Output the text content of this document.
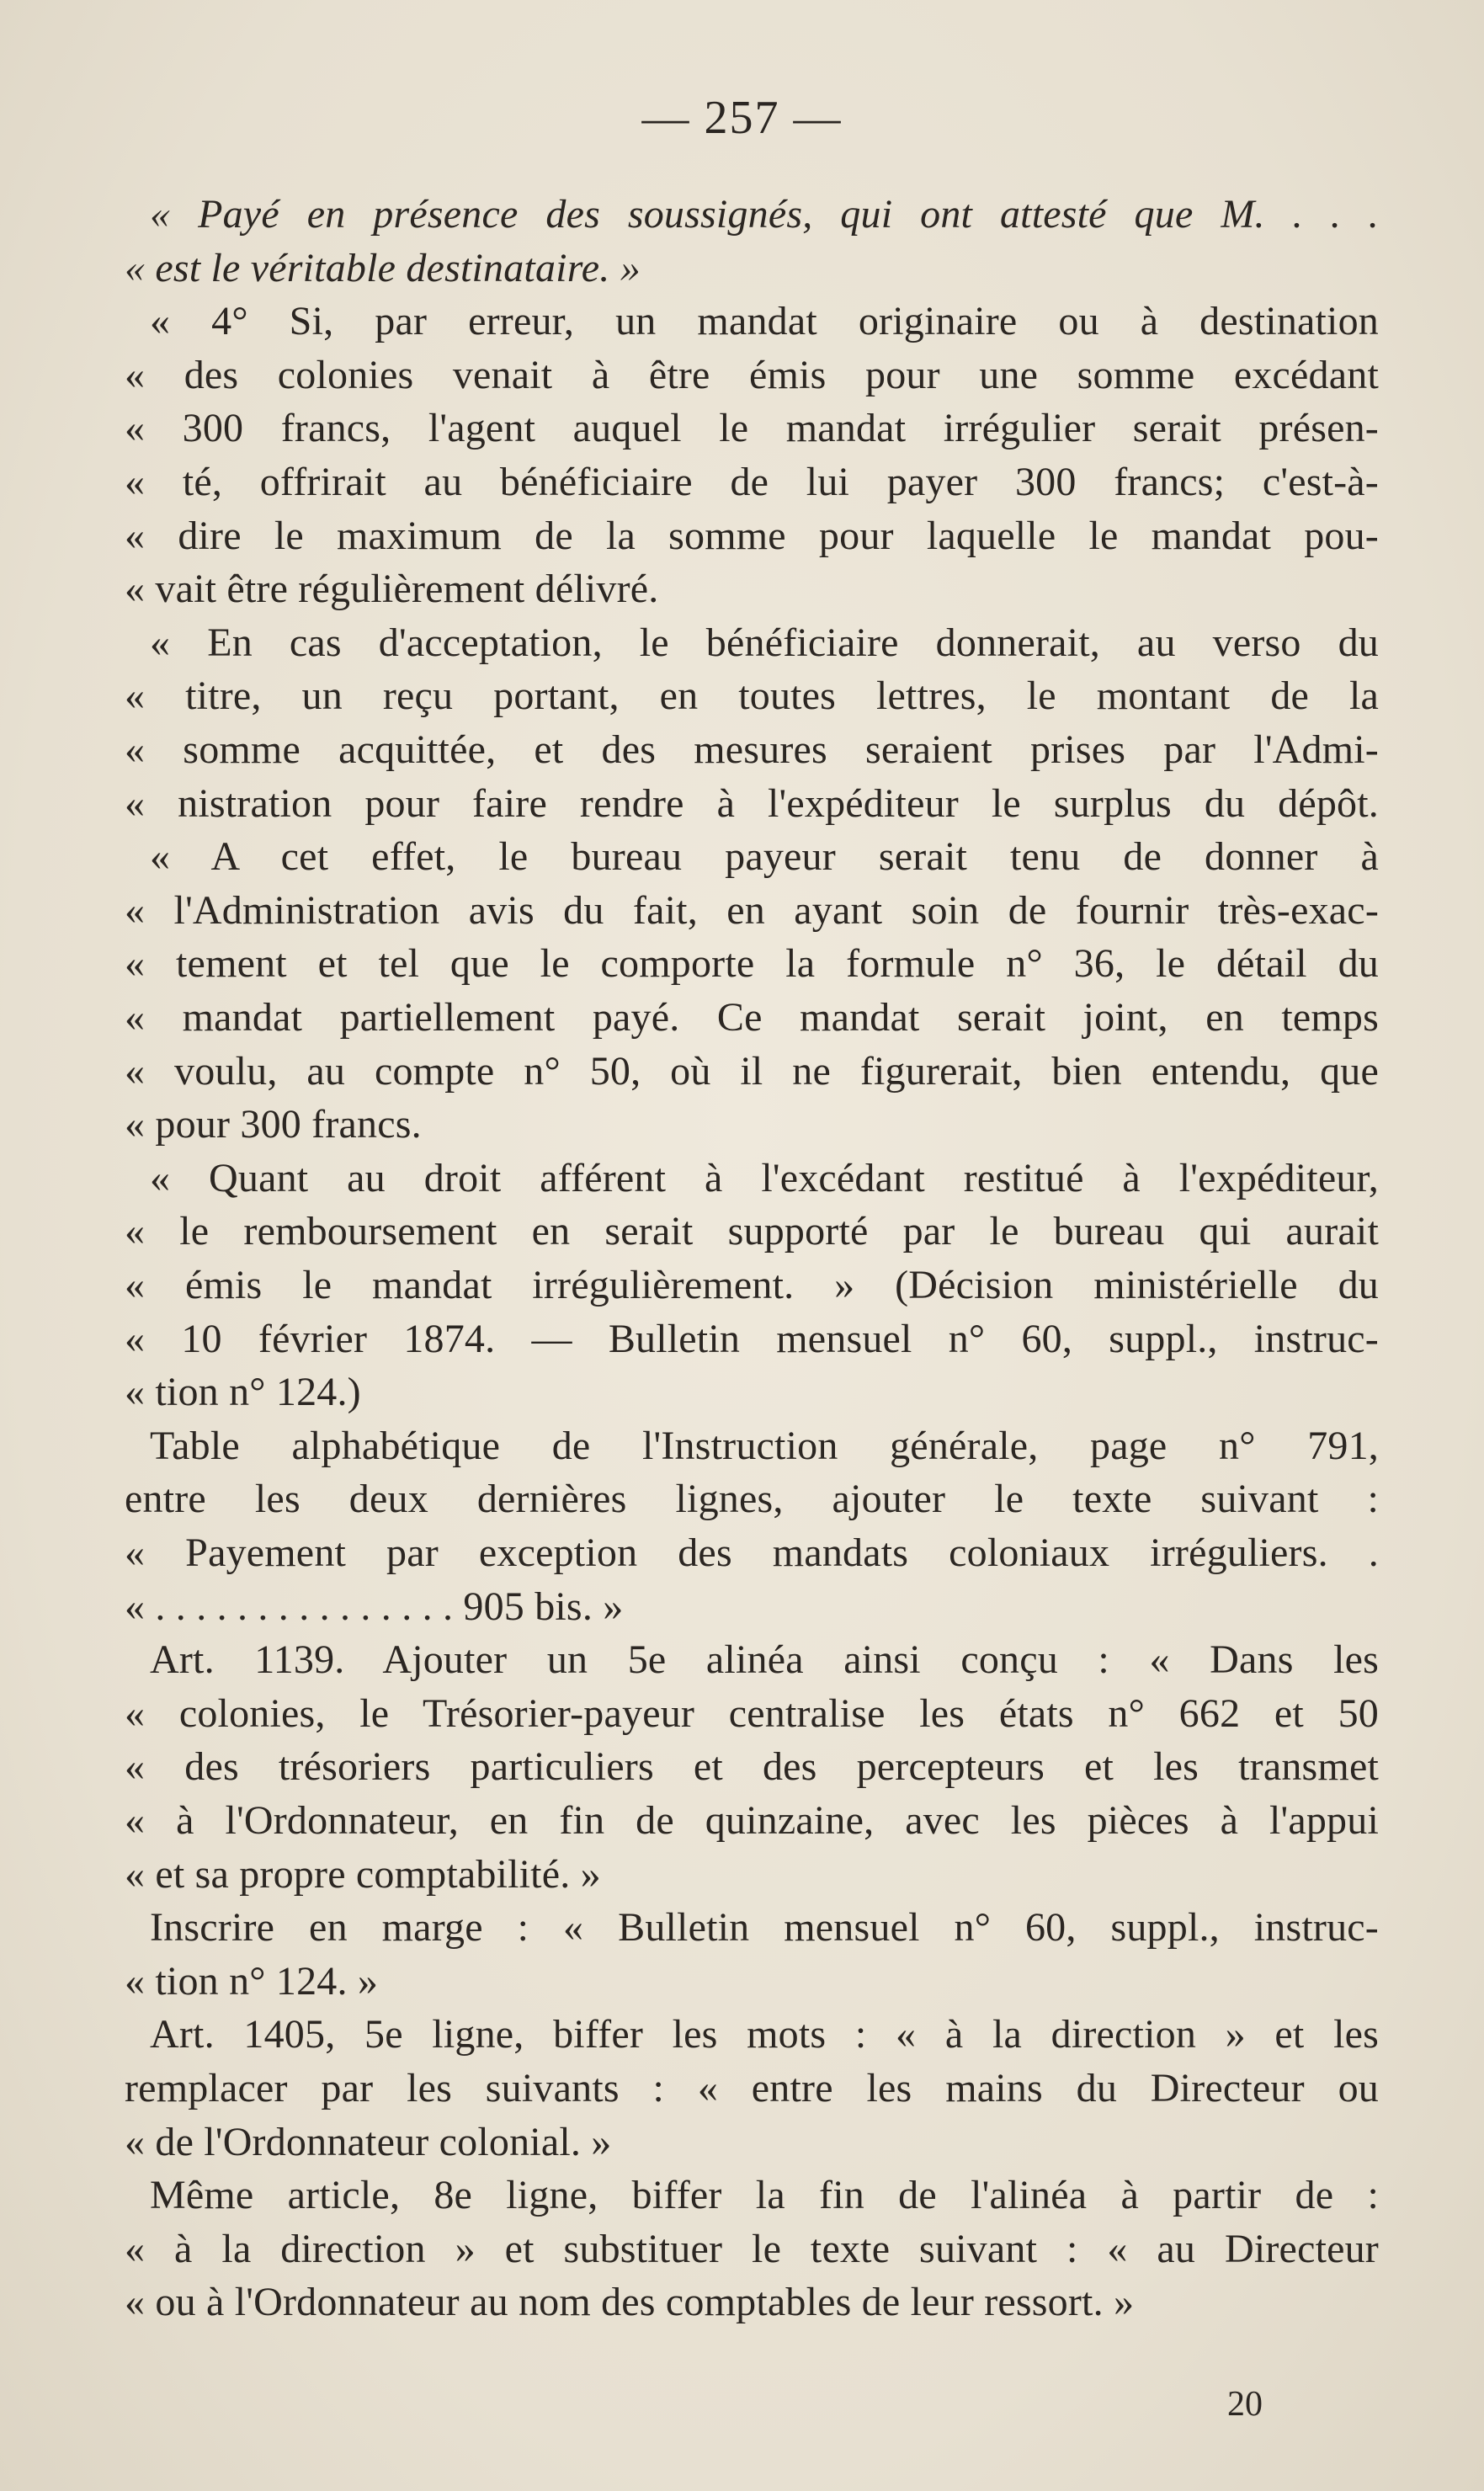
— 257 —
« Payé en présence des soussignés, qui ont attesté que M. . . .
« est le véritable destinataire. »
« 4° Si, par erreur, un mandat originaire ou à destination
« des colonies venait à être émis pour une somme excédant
« 300 francs, l'agent auquel le mandat irrégulier serait présen-
« té, offrirait au bénéficiaire de lui payer 300 francs; c'est-à-
« dire le maximum de la somme pour laquelle le mandat pou-
« vait être régulièrement délivré.
« En cas d'acceptation, le bénéficiaire donnerait, au verso du
« titre, un reçu portant, en toutes lettres, le montant de la
« somme acquittée, et des mesures seraient prises par l'Admi-
« nistration pour faire rendre à l'expéditeur le surplus du dépôt.
« A cet effet, le bureau payeur serait tenu de donner à
« l'Administration avis du fait, en ayant soin de fournir très-exac-
« tement et tel que le comporte la formule n° 36, le détail du
« mandat partiellement payé. Ce mandat serait joint, en temps
« voulu, au compte n° 50, où il ne figurerait, bien entendu, que
« pour 300 francs.
« Quant au droit afférent à l'excédant restitué à l'expéditeur,
« le remboursement en serait supporté par le bureau qui aurait
« émis le mandat irrégulièrement. » (Décision ministérielle du
« 10 février 1874. — Bulletin mensuel n° 60, suppl., instruc-
« tion n° 124.)
Table alphabétique de l'Instruction générale, page n° 791,
entre les deux dernières lignes, ajouter le texte suivant :
« Payement par exception des mandats coloniaux irréguliers. .
« . . . . . . . . . . . . . . . 905 bis. »
Art. 1139. Ajouter un 5e alinéa ainsi conçu : « Dans les
« colonies, le Trésorier-payeur centralise les états n° 662 et 50
« des trésoriers particuliers et des percepteurs et les transmet
« à l'Ordonnateur, en fin de quinzaine, avec les pièces à l'appui
« et sa propre comptabilité. »
Inscrire en marge : « Bulletin mensuel n° 60, suppl., instruc-
« tion n° 124. »
Art. 1405, 5e ligne, biffer les mots : « à la direction » et les
remplacer par les suivants : « entre les mains du Directeur ou
« de l'Ordonnateur colonial. »
Même article, 8e ligne, biffer la fin de l'alinéa à partir de :
« à la direction » et substituer le texte suivant : « au Directeur
« ou à l'Ordonnateur au nom des comptables de leur ressort. »
20
